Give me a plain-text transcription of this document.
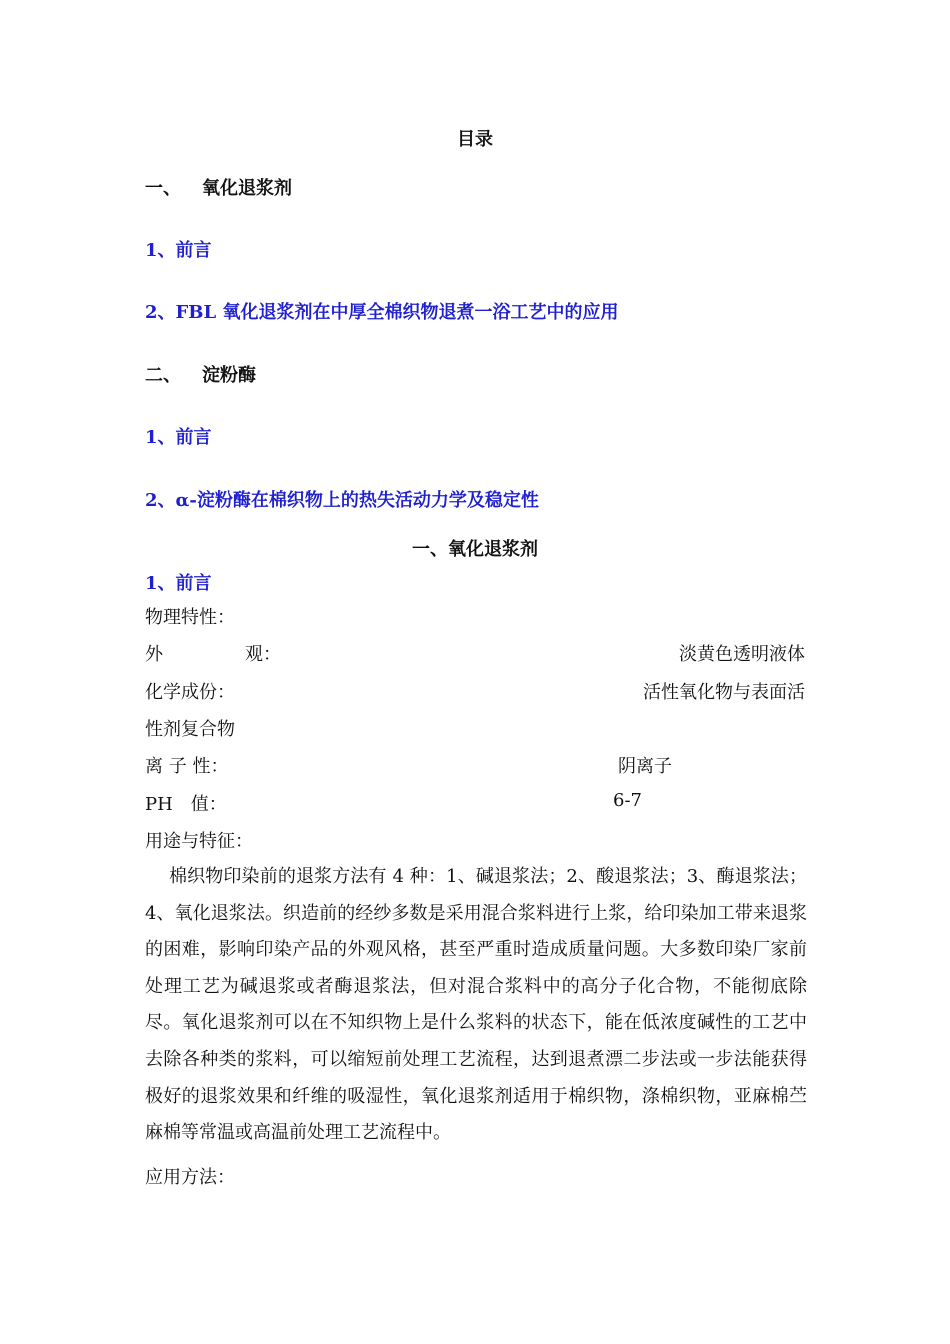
目录
一、 氧化退浆剂
1、前言
2、FBL 氧化退浆剂在中厚全棉织物退煮一浴工艺中的应用
二、 淀粉酶
1、前言
2、α-淀粉酶在棉织物上的热失活动力学及稳定性
一、氧化退浆剂
1、前言
物理特性：
外	观：	淡黄色透明液体
化学成份：	活性氧化物与表面活
性剂复合物
离 子 性：	阴离子
PH　值：	6-7
用途与特征：
棉织物印染前的退浆方法有 4 种：1、碱退浆法；2、酸退浆法；3、酶退浆法；4、氧化退浆法。织造前的经纱多数是采用混合浆料进行上浆，给印染加工带来退浆的困难，影响印染产品的外观风格，甚至严重时造成质量问题。大多数印染厂家前处理工艺为碱退浆或者酶退浆法，但对混合浆料中的高分子化合物，不能彻底除尽。氧化退浆剂可以在不知织物上是什么浆料的状态下，能在低浓度碱性的工艺中去除各种类的浆料，可以缩短前处理工艺流程，达到退煮漂二步法或一步法能获得极好的退浆效果和纤维的吸湿性，氧化退浆剂适用于棉织物，涤棉织物，亚麻棉苎麻棉等常温或高温前处理工艺流程中。
应用方法：
